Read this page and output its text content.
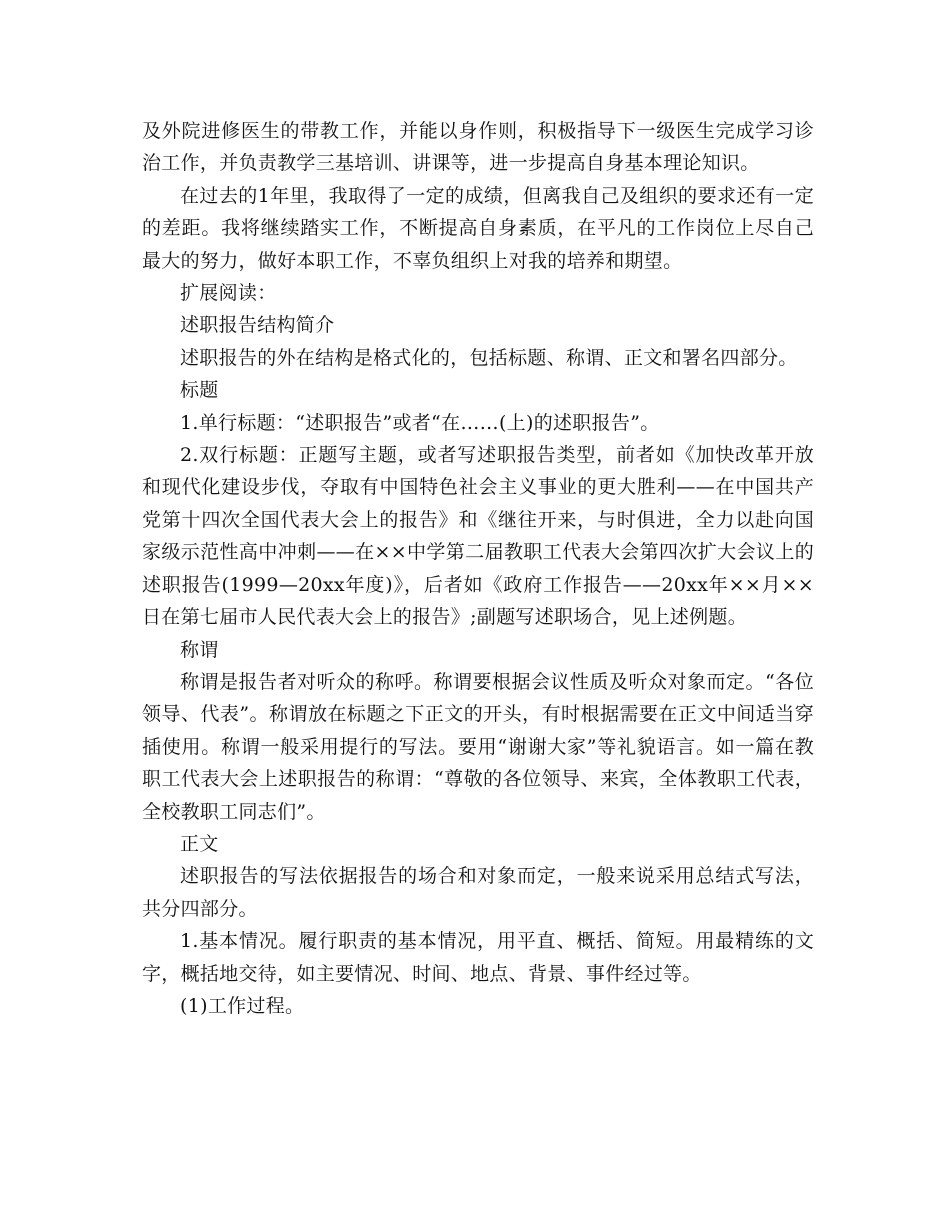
及外院进修医生的带教工作，并能以身作则，积极指导下一级医生完成学习诊治工作，并负责教学三基培训、讲课等，进一步提高自身基本理论知识。

在过去的1年里，我取得了一定的成绩，但离我自己及组织的要求还有一定的差距。我将继续踏实工作，不断提高自身素质，在平凡的工作岗位上尽自己最大的努力，做好本职工作，不辜负组织上对我的培养和期望。

扩展阅读：

述职报告结构简介

述职报告的外在结构是格式化的，包括标题、称谓、正文和署名四部分。

标题

1.单行标题：“述职报告”或者“在……(上)的述职报告”。

2.双行标题：正题写主题，或者写述职报告类型，前者如《加快改革开放和现代化建设步伐，夺取有中国特色社会主义事业的更大胜利——在中国共产党第十四次全国代表大会上的报告》和《继往开来，与时俱进，全力以赴向国家级示范性高中冲刺——在××中学第二届教职工代表大会第四次扩大会议上的述职报告(1999—20xx年度)》，后者如《政府工作报告——20xx年××月××日在第七届市人民代表大会上的报告》;副题写述职场合，见上述例题。

称谓

称谓是报告者对听众的称呼。称谓要根据会议性质及听众对象而定。“各位领导、代表”。称谓放在标题之下正文的开头，有时根据需要在正文中间适当穿插使用。称谓一般采用提行的写法。要用“谢谢大家”等礼貌语言。如一篇在教职工代表大会上述职报告的称谓：“尊敬的各位领导、来宾，全体教职工代表，全校教职工同志们”。

正文

述职报告的写法依据报告的场合和对象而定，一般来说采用总结式写法，共分四部分。

1.基本情况。履行职责的基本情况，用平直、概括、简短。用最精练的文字，概括地交待，如主要情况、时间、地点、背景、事件经过等。

(1)工作过程。
